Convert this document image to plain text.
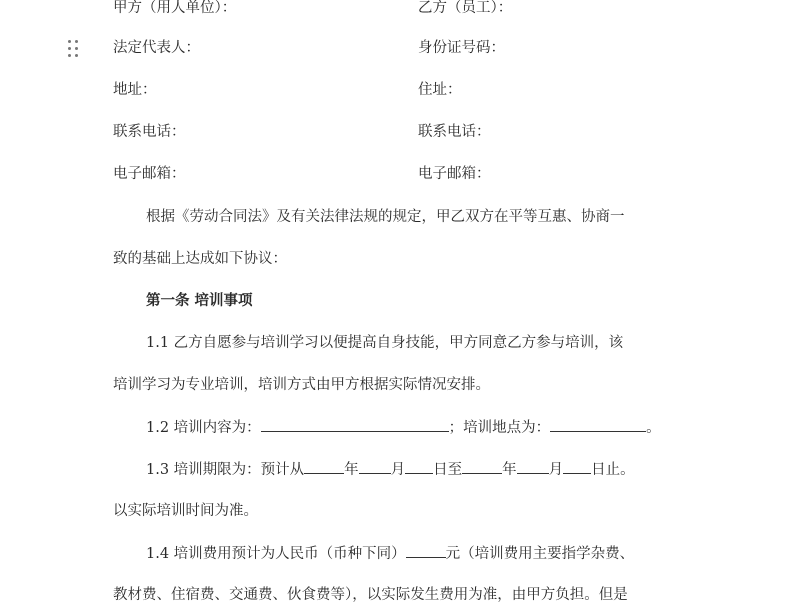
甲方（用人单位）：	乙方（员工）：
法定代表人：	身份证号码：
地址：	住址：
联系电话：	联系电话：
电子邮箱：	电子邮箱：
根据《劳动合同法》及有关法律法规的规定，甲乙双方在平等互惠、协商一
致的基础上达成如下协议：
第一条 培训事项
1.1 乙方自愿参与培训学习以便提高自身技能，甲方同意乙方参与培训，该
培训学习为专业培训，培训方式由甲方根据实际情况安排。
1.2 培训内容为：	；培训地点为：	。
1.3 培训期限为：预计从	年 月 日至	年 月 日止。
以实际培训时间为准。
1.4 培训费用预计为人民币（币种下同）	元（培训费用主要指学杂费、
教材费、住宿费、交通费、伙食费等），以实际发生费用为准，由甲方负担。但是
